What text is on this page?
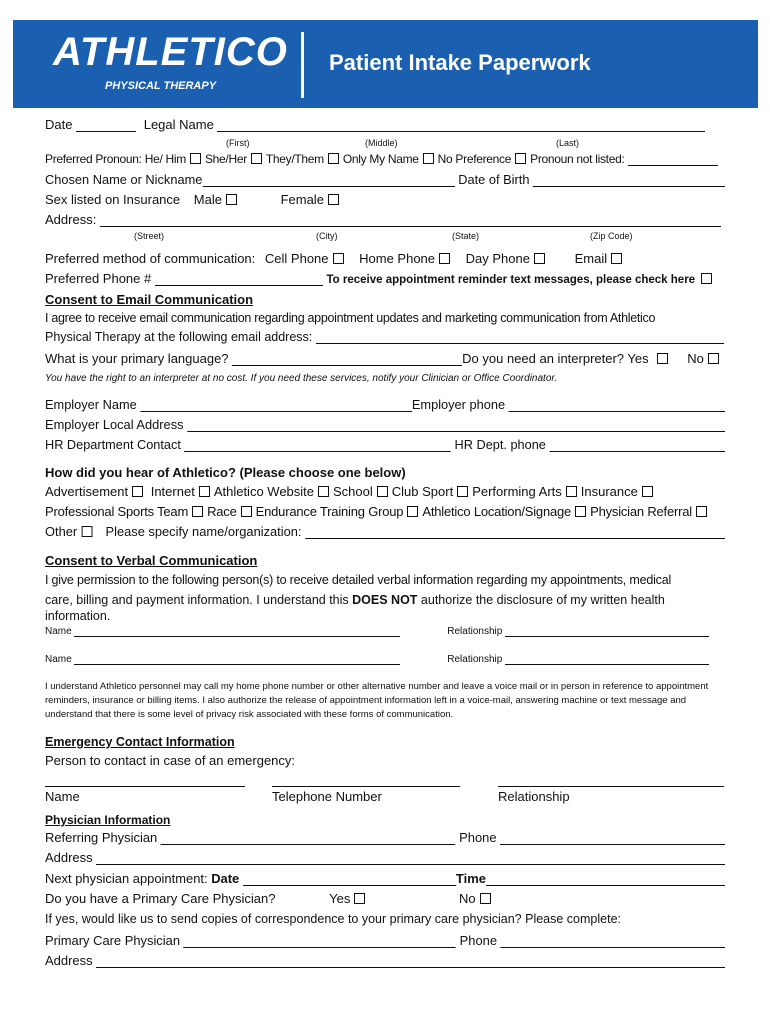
ATHLETICO
PHYSICAL THERAPY
Patient Intake Paperwork
Date	Legal Name
(First)	(Middle)	(Last)
Preferred Pronoun: He/ Him She/Her They/Them Only My Name No Preference Pronoun not listed:
Chosen Name or Nickname	Date of Birth
Sex listed on Insurance Male	Female
Address:
(Street)	(City)	(State)	(Zip Code)
Preferred method of communication: Cell Phone Home Phone Day Phone	Email
Preferred Phone #	To receive appointment reminder text messages, please check here
Consent to Email Communication
I agree to receive email communication regarding appointment updates and marketing communication from Athletico
Physical Therapy at the following email address:
What is your primary language?	Do you need an interpreter? Yes	No
You have the right to an interpreter at no cost. If you need these services, notify your Clinician or Office Coordinator.
Employer Name	Employer phone
Employer Local Address
HR Department Contact	HR Dept. phone
How did you hear of Athletico? (Please choose one below)
Advertisement Internet Athletico Website School Club Sport Performing Arts Insurance
Professional Sports Team Race Endurance Training Group Athletico Location/Signage Physician Referral
Other Please specify name/organization:
Consent to Verbal Communication
I give permission to the following person(s) to receive detailed verbal information regarding my appointments, medical
care, billing and payment information. I understand this DOES NOT authorize the disclosure of my written health
information.
Name	Relationship
Name	Relationship
I understand Athletico personnel may call my home phone number or other alternative number and leave a voice mail or in person in reference to appointment reminders, insurance or billing items. I also authorize the release of appointment information left in a voice-mail, answering machine or text message and understand that there is some level of privacy risk associated with these forms of communication.
Emergency Contact Information
Person to contact in case of an emergency:
Name	Telephone Number	Relationship
Physician Information
Referring Physician	Phone
Address
Next physician appointment: Date	Time
Do you have a Primary Care Physician?	Yes	No
If yes, would like us to send copies of correspondence to your primary care physician? Please complete:
Primary Care Physician	Phone
Address
